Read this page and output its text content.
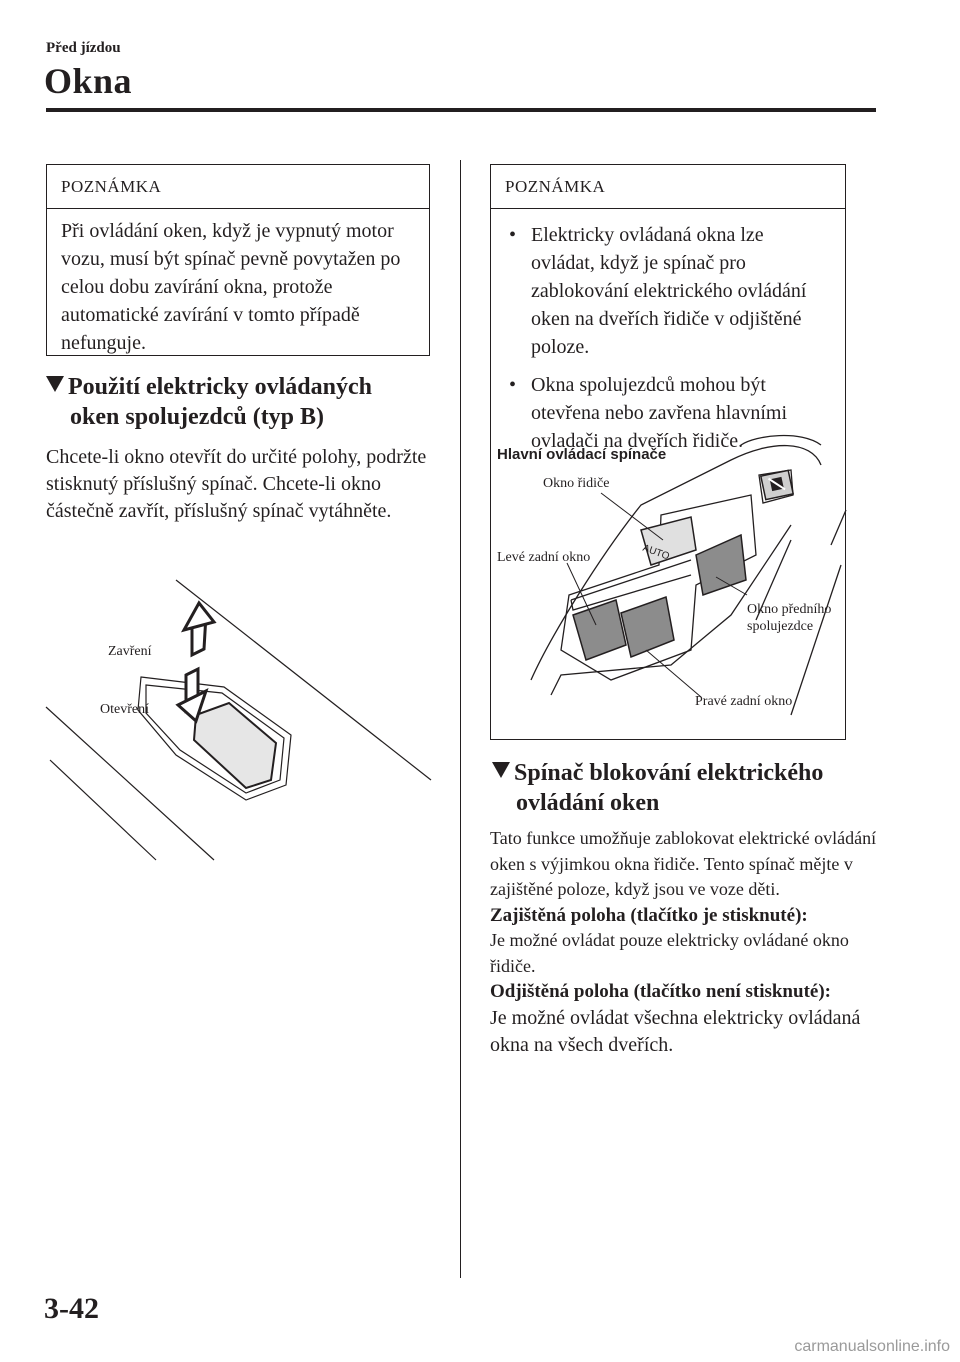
Před jízdou
Okna
POZNÁMKA
Při ovládání oken, když je vypnutý motor vozu, musí být spínač pevně povytažen po celou dobu zavírání okna, protože automatické zavírání v tomto případě nefunguje.
Použití elektricky ovládaných
oken spolujezdců (typ B)
Chcete-li okno otevřít do určité polohy, podržte stisknutý příslušný spínač. Chcete-li okno částečně zavřít, příslušný spínač vytáhněte.
Zavření
Otevření
POZNÁMKA
• Elektricky ovládaná okna lze ovládat, když je spínač pro zablokování elektrického ovládání oken na dveřích řidiče v odjištěné poloze.
• Okna spolujezdců mohou být otevřena nebo zavřena hlavními ovladači na dveřích řidiče.
AUTO
Hlavní ovládací spínače
Okno řidiče
Levé zadní okno
Okno předního
spolujezdce
Pravé zadní okno
Spínač blokování elektrického
ovládání oken
Tato funkce umožňuje zablokovat elektrické ovládání oken s výjimkou okna řidiče. Tento spínač mějte v zajištěné poloze, když jsou ve voze děti.
Zajištěná poloha (tlačítko je stisknuté):
Je možné ovládat pouze elektricky ovládané okno řidiče.
Odjištěná poloha (tlačítko není stisknuté):
Je možné ovládat všechna elektricky ovládaná okna na všech dveřích.
3-42
carmanualsonline.info
